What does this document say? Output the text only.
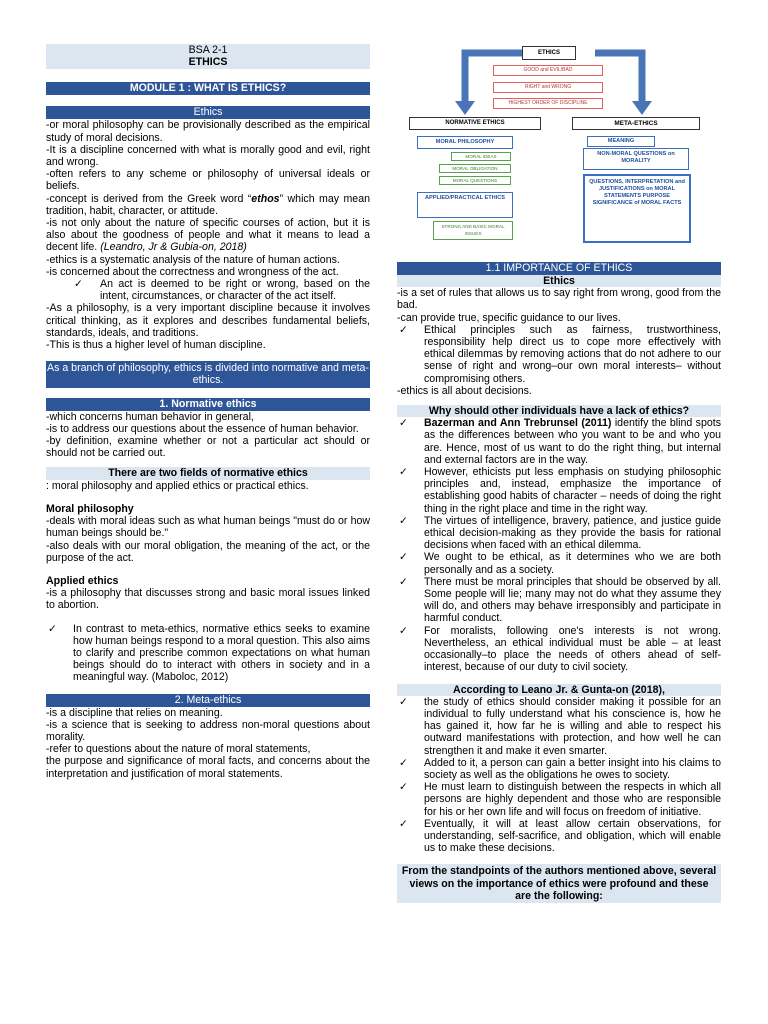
BSA 2-1
ETHICS
MODULE 1 : WHAT IS ETHICS?
Ethics

-or moral philosophy can be provisionally described as the empirical study of moral decisions.

-It is a discipline concerned with what is morally good and evil, right and wrong.

-often refers to any scheme or philosophy of universal ideals or beliefs.

-concept is derived from the Greek word “ethos” which may mean tradition, habit, character, or attitude.

-is not only about the nature of specific courses of action, but it is also about the goodness of people and what it means to lead a decent life. (Leandro, Jr & Gubia-on, 2018)

-ethics is a systematic analysis of the nature of human actions.

-is concerned about the correctness and wrongness of the act.

✓ An act is deemed to be right or wrong, based on the intent, circumstances, or character of the act itself.

-As a philosophy, is a very important discipline because it involves critical thinking, as it explores and describes fundamental beliefs, standards, ideals, and traditions.

-This is thus a higher level of human discipline.

As a branch of philosophy, ethics is divided into normative and meta-ethics.
1. Normative ethics

-which concerns human behavior in general,

-is to address our questions about the essence of human behavior.

-by definition, examine whether or not a particular act should or should not be carried out.

There are two fields of normative ethics

: moral philosophy and applied ethics or practical ethics.

Moral philosophy

-deals with moral ideas such as what human beings "must do or how human beings should be."

-also deals with our moral obligation, the meaning of the act, or the purpose of the act.

Applied ethics

-is a philosophy that discusses strong and basic moral issues linked to abortion.

✓ In contrast to meta-ethics, normative ethics seeks to examine how human beings respond to a moral question. This also aims to clarify and prescribe common expectations on what human beings should do to interact with others in society and in a meaningful way. (Maboloc, 2012)
2. Meta-ethics

-is a discipline that relies on meaning.

-is a science that is seeking to address non-moral questions about morality.

-refer to questions about the nature of moral statements,

the purpose and significance of moral facts, and concerns about the interpretation and justification of moral statements.

ETHICS
GOOD and EVIL/BAD
RIGHT and WRONG
HIGHEST ORDER OF DISCIPLINE
NORMATIVE ETHICS	META-ETHICS
MORAL PHILOSOPHY
MORAL IDEAS
MORAL OBLIGATION
MORAL QUESTIONS
APPLIED/PRACTICAL ETHICS
STRONG AND BASIC MORAL ISSUES
MEANING
NON-MORAL QUESTIONS on MORALITY
QUESTIONS, INTERPRETATION and JUSTIFICATIONS on MORAL STATEMENTS PURPOSE SIGNIFICANCE of MORAL FACTS
1.1 IMPORTANCE OF ETHICS
Ethics

-is a set of rules that allows us to say right from wrong, good from the bad.

-can provide true, specific guidance to our lives.

✓ Ethical principles such as fairness, trustworthiness, responsibility help direct us to cope more effectively with ethical dilemmas by removing actions that do not adhere to our sense of right and wrong–our own moral interests– without compromising others.

-ethics is all about decisions.

Why should other individuals have a lack of ethics?
✓ Bazerman and Ann Trebrunsel (2011) identify the blind spots as the differences between who you want to be and who you are. Hence, most of us want to do the right thing, but internal and external factors are in the way.
✓ However, ethicists put less emphasis on studying philosophic principles and, instead, emphasize the importance of establishing good habits of character – needs of doing the right thing in the right place and time in the right way.
✓ The virtues of intelligence, bravery, patience, and justice guide ethical decision-making as they provide the basis for rational decisions when faced with an ethical dilemma.
✓ We ought to be ethical, as it determines who we are both personally and as a society.
✓ There must be moral principles that should be observed by all. Some people will lie; many may not do what they assume they will do, and others may behave irresponsibly and participate in harmful conduct.
✓ For moralists, following one's interests is not wrong. Nevertheless, an ethical individual must be able – at least occasionally–to place the needs of others ahead of self-interest, because of our duty to civil society.
According to Leano Jr. & Gunta-on (2018),
✓ the study of ethics should consider making it possible for an individual to fully understand what his conscience is, how he has gained it, how far he is willing and able to respect his outward manifestations with protection, and how well he can strengthen it and make it even smarter.
✓ Added to it, a person can gain a better insight into his claims to society as well as the obligations he owes to society.
✓ He must learn to distinguish between the respects in which all persons are highly dependent and those who are responsible for his or her own life and will focus on freedom of initiative.
✓ Eventually, it will at least allow certain observations, for understanding, self-sacrifice, and obligation, which will enable us to make these decisions.
From the standpoints of the authors mentioned above, several views on the importance of ethics were profound and these are the following:
